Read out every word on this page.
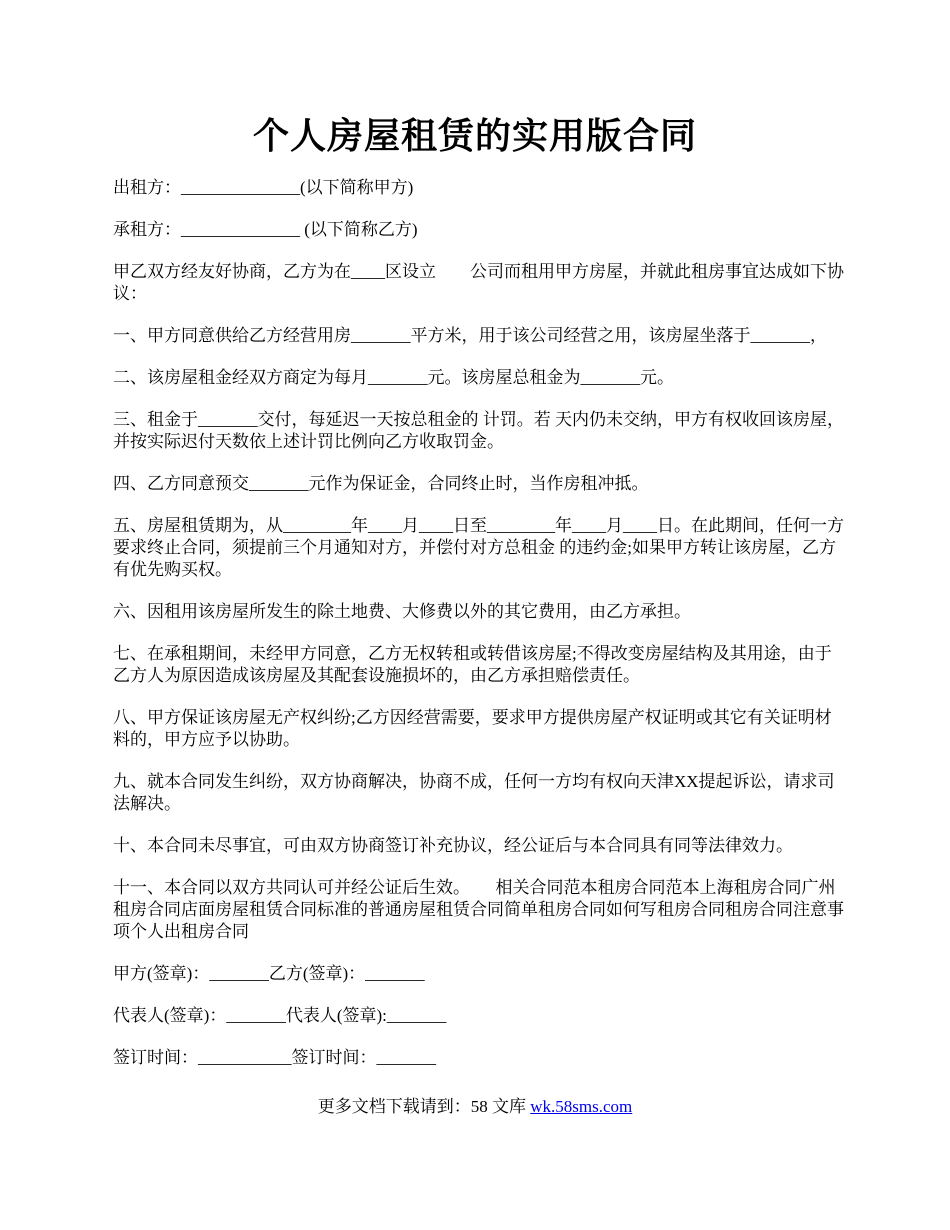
个人房屋租赁的实用版合同

出租方：______________(以下简称甲方)

承租方：______________ (以下简称乙方)

甲乙双方经友好协商，乙方为在____区设立　　公司而租用甲方房屋，并就此租房事宜达成如下协议：

一、甲方同意供给乙方经营用房_______平方米，用于该公司经营之用，该房屋坐落于_______，

二、该房屋租金经双方商定为每月_______元。该房屋总租金为_______元。

三、租金于_______交付，每延迟一天按总租金的 计罚。若 天内仍未交纳，甲方有权收回该房屋，并按实际迟付天数依上述计罚比例向乙方收取罚金。

四、乙方同意预交_______元作为保证金，合同终止时，当作房租冲抵。

五、房屋租赁期为，从________年____月____日至________年____月____日。在此期间，任何一方要求终止合同，须提前三个月通知对方，并偿付对方总租金 的违约金;如果甲方转让该房屋，乙方有优先购买权。

六、因租用该房屋所发生的除土地费、大修费以外的其它费用，由乙方承担。

七、在承租期间，未经甲方同意，乙方无权转租或转借该房屋;不得改变房屋结构及其用途，由于乙方人为原因造成该房屋及其配套设施损坏的，由乙方承担赔偿责任。

八、甲方保证该房屋无产权纠纷;乙方因经营需要，要求甲方提供房屋产权证明或其它有关证明材料的，甲方应予以协助。

九、就本合同发生纠纷，双方协商解决，协商不成，任何一方均有权向天津XX提起诉讼，请求司法解决。

十、本合同未尽事宜，可由双方协商签订补充协议，经公证后与本合同具有同等法律效力。

十一、本合同以双方共同认可并经公证后生效。　　相关合同范本租房合同范本上海租房合同广州租房合同店面房屋租赁合同标准的普通房屋租赁合同简单租房合同如何写租房合同租房合同注意事项个人出租房合同

甲方(签章)：_______乙方(签章)：_______

代表人(签章)：_______代表人(签章):_______

签订时间：___________签订时间：_______

更多文档下载请到：58 文库 wk.58sms.com
